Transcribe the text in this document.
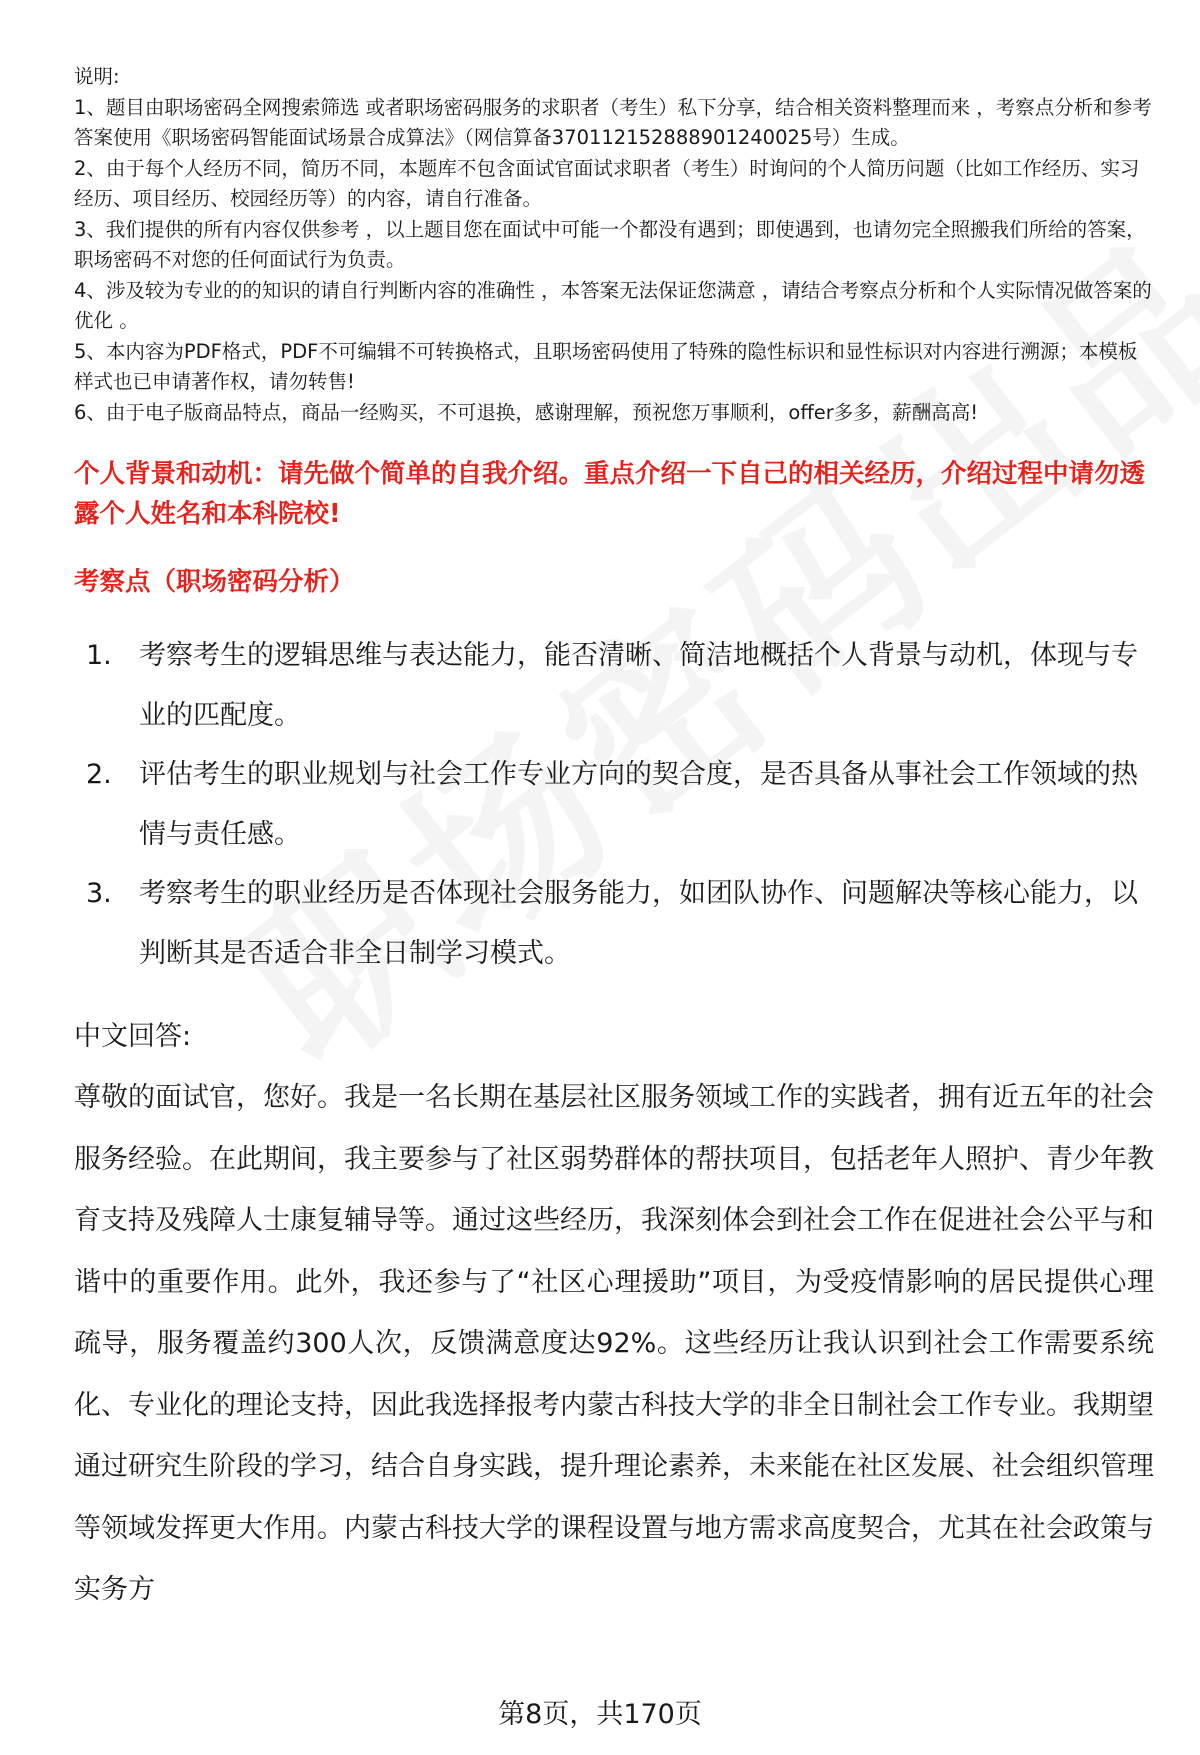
说明:

1、题目由职场密码全网搜索筛选 或者职场密码服务的求职者（考生）私下分享，结合相关资料整理而来 ，考察点分析和参考答案使用《职场密码智能面试场景合成算法》（网信算备370112152888901240025号）生成。
2、由于每个人经历不同，简历不同，本题库不包含面试官面试求职者（考生）时询问的个人简历问题（比如工作经历、实习经历、项目经历、校园经历等）的内容，请自行准备。
3、我们提供的所有内容仅供参考 ，以上题目您在面试中可能一个都没有遇到；即使遇到，也请勿完全照搬我们所给的答案，职场密码不对您的任何面试行为负责。
4、涉及较为专业的的知识的请自行判断内容的准确性 ，本答案无法保证您满意 ，请结合考察点分析和个人实际情况做答案的优化 。
5、本内容为PDF格式，PDF不可编辑不可转换格式，且职场密码使用了特殊的隐性标识和显性标识对内容进行溯源；本模板样式也已申请著作权，请勿转售!
6、由于电子版商品特点，商品一经购买，不可退换，感谢理解，预祝您万事顺利，offer多多，薪酬高高!

个人背景和动机：请先做个简单的自我介绍。重点介绍一下自己的相关经历，介绍过程中请勿透露个人姓名和本科院校!

考察点（职场密码分析）

1.	考察考生的逻辑思维与表达能力，能否清晰、简洁地概括个人背景与动机，体现与专业的匹配度。
2.	评估考生的职业规划与社会工作专业方向的契合度，是否具备从事社会工作领域的热情与责任感。
3.	考察考生的职业经历是否体现社会服务能力，如团队协作、问题解决等核心能力，以判断其是否适合非全日制学习模式。

中文回答:

尊敬的面试官，您好。我是一名长期在基层社区服务领域工作的实践者，拥有近五年的社会服务经验。在此期间，我主要参与了社区弱势群体的帮扶项目，包括老年人照护、青少年教育支持及残障人士康复辅导等。通过这些经历，我深刻体会到社会工作在促进社会公平与和谐中的重要作用。此外，我还参与了“社区心理援助”项目，为受疫情影响的居民提供心理疏导，服务覆盖约300人次，反馈满意度达92%。这些经历让我认识到社会工作需要系统化、专业化的理论支持，因此我选择报考内蒙古科技大学的非全日制社会工作专业。我期望通过研究生阶段的学习，结合自身实践，提升理论素养，未来能在社区发展、社会组织管理等领域发挥更大作用。内蒙古科技大学的课程设置与地方需求高度契合，尤其在社会政策与实务方

第8页，共170页
